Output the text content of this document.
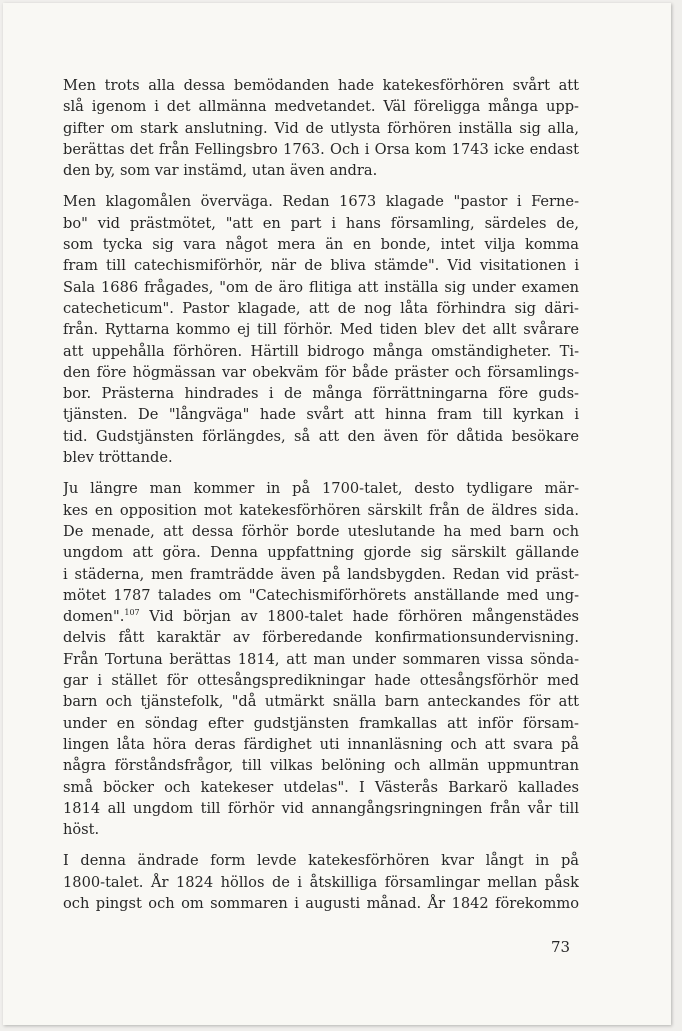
Men trots alla dessa bemödanden hade katekesförhören svårt att
slå igenom i det allmänna medvetandet. Väl föreligga många upp-
gifter om stark anslutning. Vid de utlysta förhören inställa sig alla,
berättas det från Fellingsbro 1763. Och i Orsa kom 1743 icke endast
den by, som var instämd, utan även andra.
Men klagomålen överväga. Redan 1673 klagade "pastor i Ferne-
bo" vid prästmötet, "att en part i hans församling, särdeles de,
som tycka sig vara något mera än en bonde, intet vilja komma
fram till catechismiförhör, när de bliva stämde". Vid visitationen i
Sala 1686 frågades, "om de äro flitiga att inställa sig under examen
catecheticum". Pastor klagade, att de nog låta förhindra sig däri-
från. Ryttarna kommo ej till förhör. Med tiden blev det allt svårare
att uppehålla förhören. Härtill bidrogo många omständigheter. Ti-
den före högmässan var obekväm för både präster och församlings-
bor. Prästerna hindrades i de många förrättningarna före guds-
tjänsten. De "långväga" hade svårt att hinna fram till kyrkan i
tid. Gudstjänsten förlängdes, så att den även för dåtida besökare
blev tröttande.
Ju längre man kommer in på 1700-talet, desto tydligare mär-
kes en opposition mot katekesförhören särskilt från de äldres sida.
De menade, att dessa förhör borde uteslutande ha med barn och
ungdom att göra. Denna uppfattning gjorde sig särskilt gällande
i städerna, men framträdde även på landsbygden. Redan vid präst-
mötet 1787 talades om "Catechismiförhörets anställande med ung-
domen".$^{107}$ Vid början av 1800-talet hade förhören mångenstädes
delvis fått karaktär av förberedande konfirmationsundervisning.
Från Tortuna berättas 1814, att man under sommaren vissa sönda-
gar i stället för ottesångspredikningar hade ottesångsförhör med
barn och tjänstefolk, "då utmärkt snälla barn anteckandes för att
under en söndag efter gudstjänsten framkallas att inför försam-
lingen låta höra deras färdighet uti innanläsning och att svara på
några förståndsfrågor, till vilkas belöning och allmän uppmuntran
små böcker och katekeser utdelas". I Västerås Barkarö kallades
1814 all ungdom till förhör vid annangångsringningen från vår till
höst.
I denna ändrade form levde katekesförhören kvar långt in på
1800-talet. År 1824 höllos de i åtskilliga församlingar mellan påsk
och pingst och om sommaren i augusti månad. År 1842 förekommo
73
